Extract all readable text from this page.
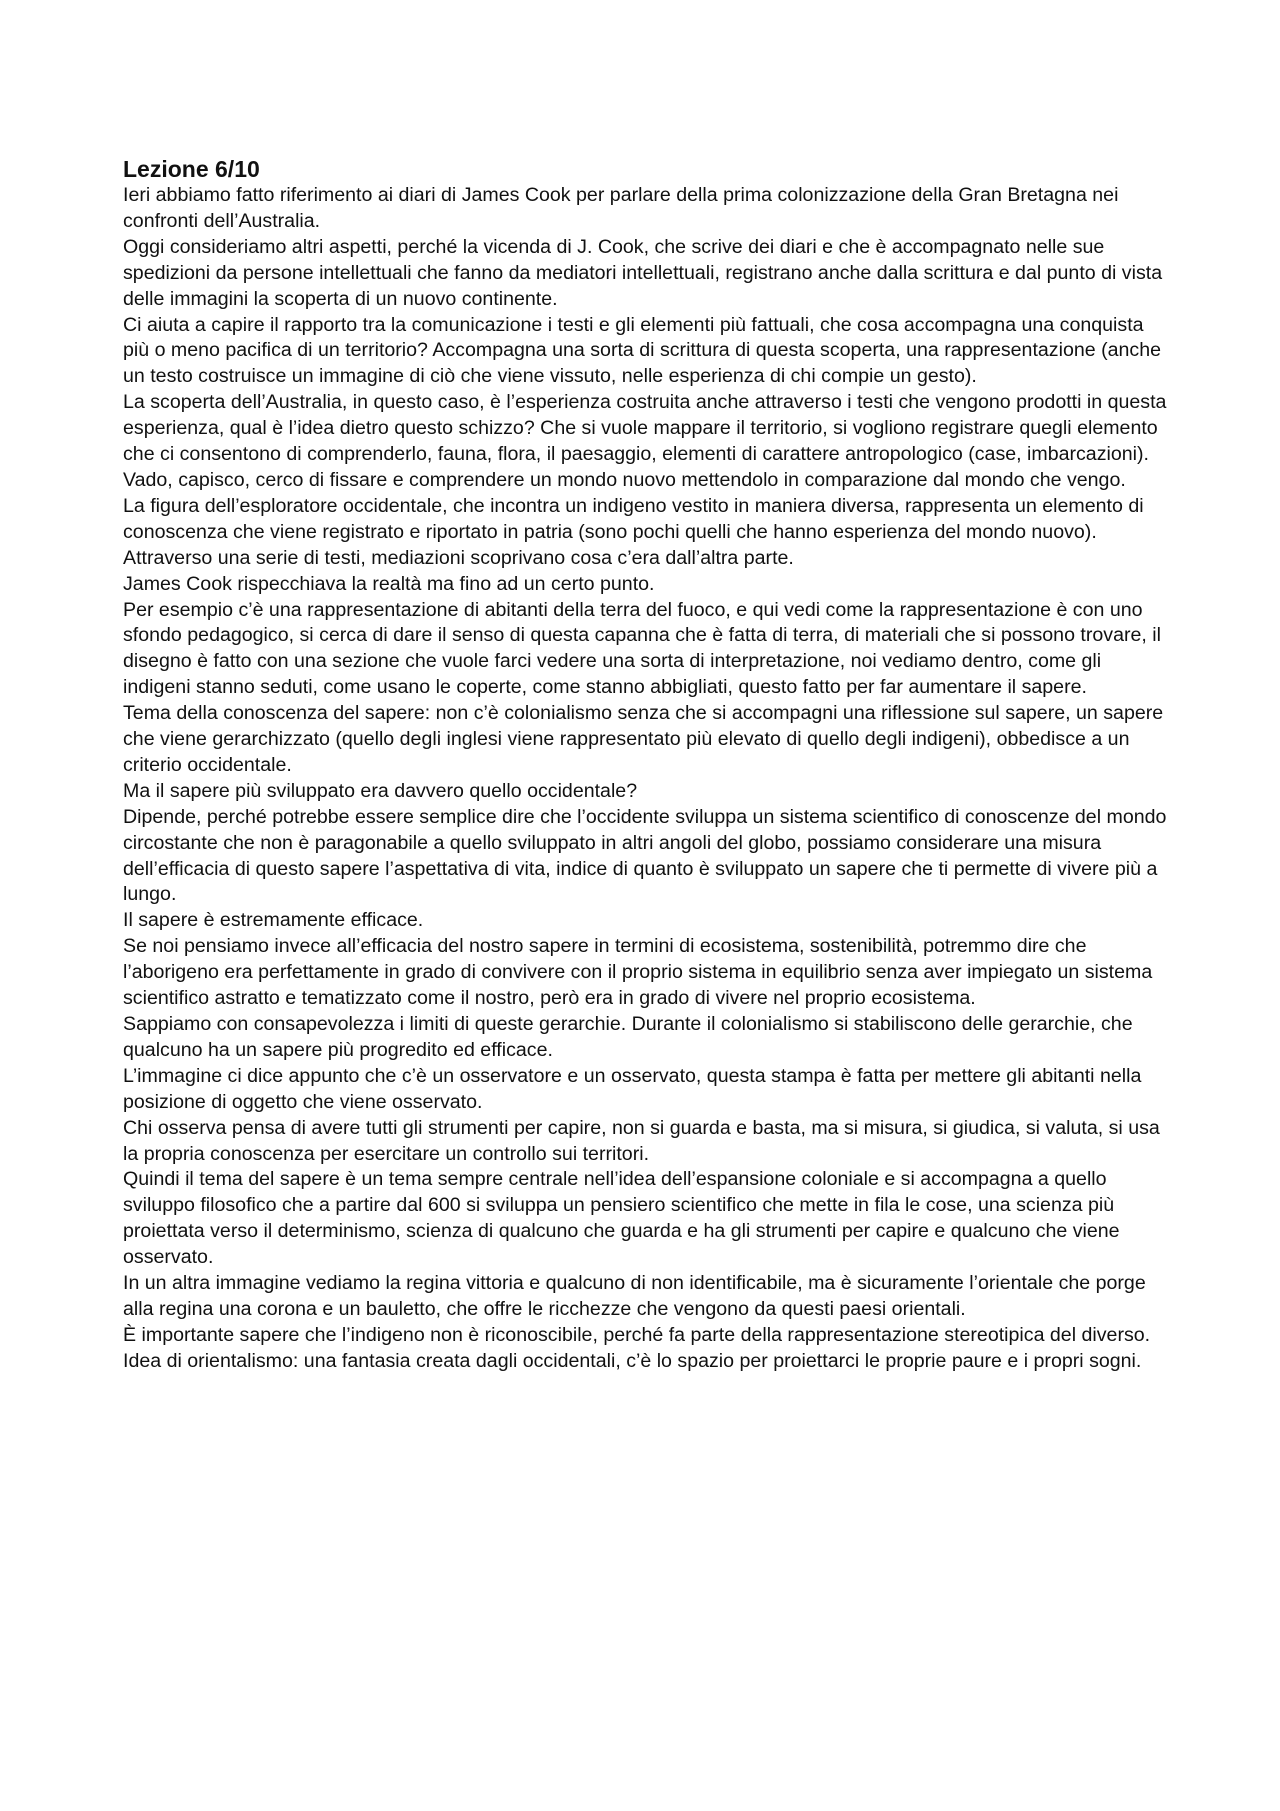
Lezione 6/10

Ieri abbiamo fatto riferimento ai diari di James Cook per parlare della prima colonizzazione della Gran Bretagna nei confronti dell’Australia.

Oggi consideriamo altri aspetti, perché la vicenda di J. Cook, che scrive dei diari e che è accompagnato nelle sue spedizioni da persone intellettuali che fanno da mediatori intellettuali, registrano anche dalla scrittura e dal punto di vista delle immagini la scoperta di un nuovo continente.

Ci aiuta a capire il rapporto tra la comunicazione i testi e gli elementi più fattuali, che cosa accompagna una conquista più o meno pacifica di un territorio? Accompagna una sorta di scrittura di questa scoperta, una rappresentazione (anche un testo costruisce un immagine di ciò che viene vissuto, nelle esperienza di chi compie un gesto).

La scoperta dell’Australia, in questo caso, è l’esperienza costruita anche attraverso i testi che vengono prodotti in questa esperienza, qual è l’idea dietro questo schizzo? Che si vuole mappare il territorio, si vogliono registrare quegli elemento che ci consentono di comprenderlo, fauna, flora, il paesaggio, elementi di carattere antropologico (case, imbarcazioni).

Vado, capisco, cerco di fissare e comprendere un mondo nuovo mettendolo in comparazione dal mondo che vengo.

La figura dell’esploratore occidentale, che incontra un indigeno vestito in maniera diversa, rappresenta un elemento di conoscenza che viene registrato e riportato in patria (sono pochi quelli che hanno esperienza del mondo nuovo).

Attraverso una serie di testi, mediazioni scoprivano cosa c’era dall’altra parte.

James Cook rispecchiava la realtà ma fino ad un certo punto.

Per esempio c’è una rappresentazione di abitanti della terra del fuoco, e qui vedi come la rappresentazione è con uno sfondo pedagogico, si cerca di dare il senso di questa capanna che è fatta di terra, di materiali che si possono trovare, il disegno è fatto con una sezione che vuole farci vedere una sorta di interpretazione, noi vediamo dentro, come gli indigeni stanno seduti, come usano le coperte, come stanno abbigliati, questo fatto per far aumentare il sapere.

Tema della conoscenza del sapere: non c’è colonialismo senza che si accompagni una riflessione sul sapere, un sapere che viene gerarchizzato (quello degli inglesi viene rappresentato più elevato di quello degli indigeni), obbedisce a un criterio occidentale.

Ma il sapere più sviluppato era davvero quello occidentale?

Dipende, perché potrebbe essere semplice dire che l’occidente sviluppa un sistema scientifico di conoscenze del mondo circostante che non è paragonabile a quello sviluppato in altri angoli del globo, possiamo considerare una misura dell’efficacia di questo sapere l’aspettativa di vita, indice di quanto è sviluppato un sapere che ti permette di vivere più a lungo.

Il sapere è estremamente efficace.

Se noi pensiamo invece all’efficacia del nostro sapere in termini di ecosistema, sostenibilità, potremmo dire che l’aborigeno era perfettamente in grado di convivere con il proprio sistema in equilibrio senza aver impiegato un sistema scientifico astratto e tematizzato come il nostro, però era in grado di vivere nel proprio ecosistema.

Sappiamo con consapevolezza i limiti di queste gerarchie. Durante il colonialismo si stabiliscono delle gerarchie, che qualcuno ha un sapere più progredito ed efficace.

L’immagine ci dice appunto che c’è un osservatore e un osservato, questa stampa è fatta per mettere gli abitanti nella posizione di oggetto che viene osservato.

Chi osserva pensa di avere tutti gli strumenti per capire, non si guarda e basta, ma si misura, si giudica, si valuta, si usa la propria conoscenza per esercitare un controllo sui territori.

Quindi il tema del sapere è un tema sempre centrale nell’idea dell’espansione coloniale e si accompagna a quello sviluppo filosofico che a partire dal 600 si sviluppa un pensiero scientifico che mette in fila le cose, una scienza più proiettata verso il determinismo, scienza di qualcuno che guarda e ha gli strumenti per capire e qualcuno che viene osservato.

In un altra immagine vediamo la regina vittoria e qualcuno di non identificabile, ma è sicuramente l’orientale che porge alla regina una corona e un bauletto, che offre le ricchezze che vengono da questi paesi orientali.

È importante sapere che l’indigeno non è riconoscibile, perché fa parte della rappresentazione stereotipica del diverso.

Idea di orientalismo: una fantasia creata dagli occidentali, c’è lo spazio per proiettarci le proprie paure e i propri sogni.
